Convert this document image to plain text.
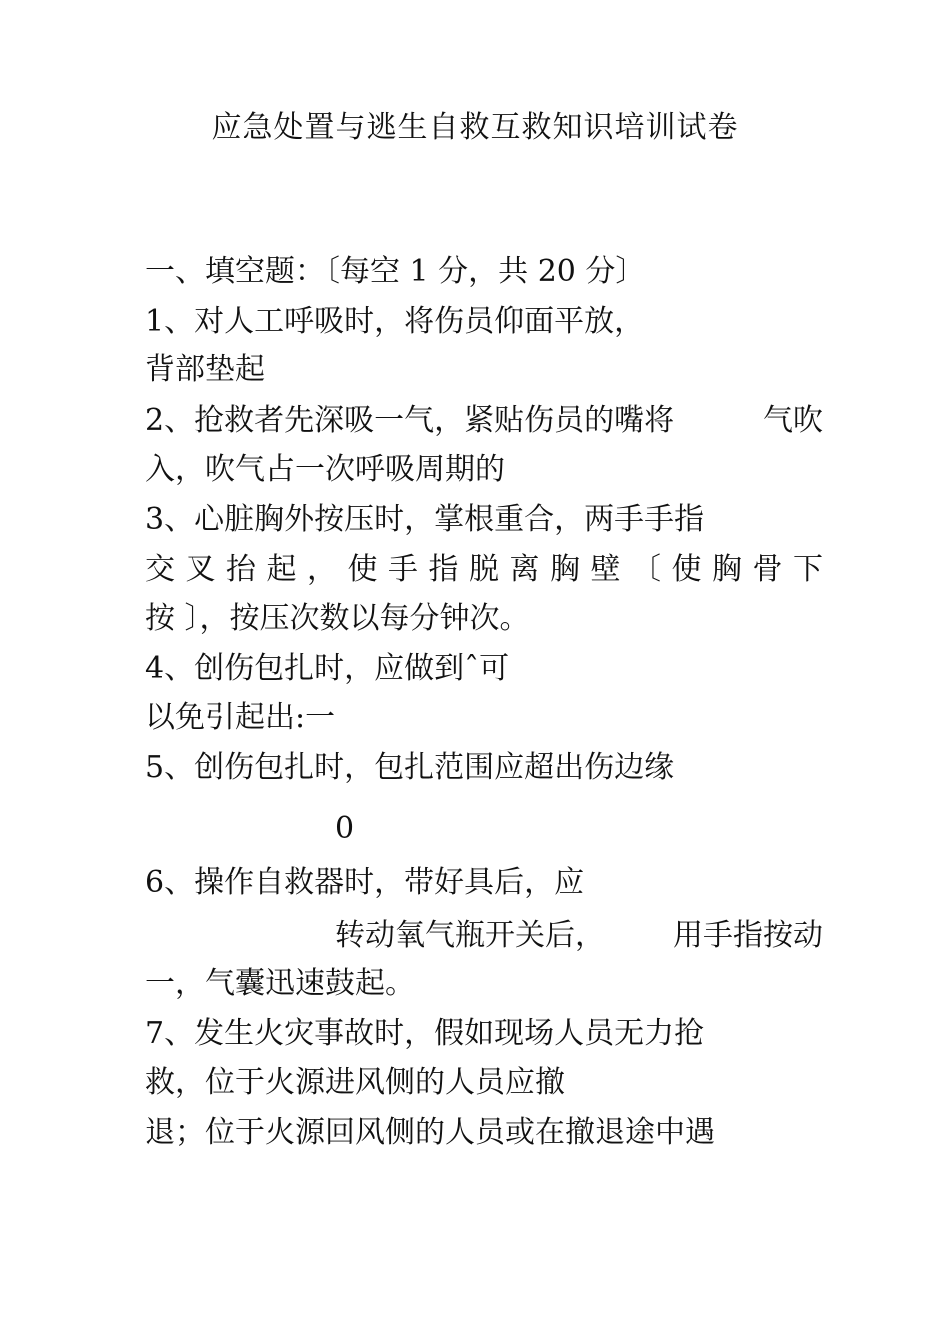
应急处置与逃生自救互救知识培训试卷
一、填空题：〔每空 1 分，共 20 分〕
1、对人工呼吸时，将伤员仰面平放，
背部垫起
2、抢救者先深吸一气，紧贴伤员的嘴将	气吹
入，吹气占一次呼吸周期的
3、心脏胸外按压时，掌根重合，两手手指
交 叉 抬 起 ， 使 手 指 脱 离 胸 壁 〔 使 胸 骨 下
按 〕，按压次数以每分钟次。
4、创伤包扎时，应做到ˆ可
以免引起出:一
5、创伤包扎时，包扎范围应超出伤边缘
0
6、操作自救器时，带好具后，应
转动氧气瓶开关后， 用手指按动
一，气囊迅速鼓起。
7、发生火灾事故时，假如现场人员无力抢
救，位于火源进风侧的人员应撤
退；位于火源回风侧的人员或在撤退途中遇
